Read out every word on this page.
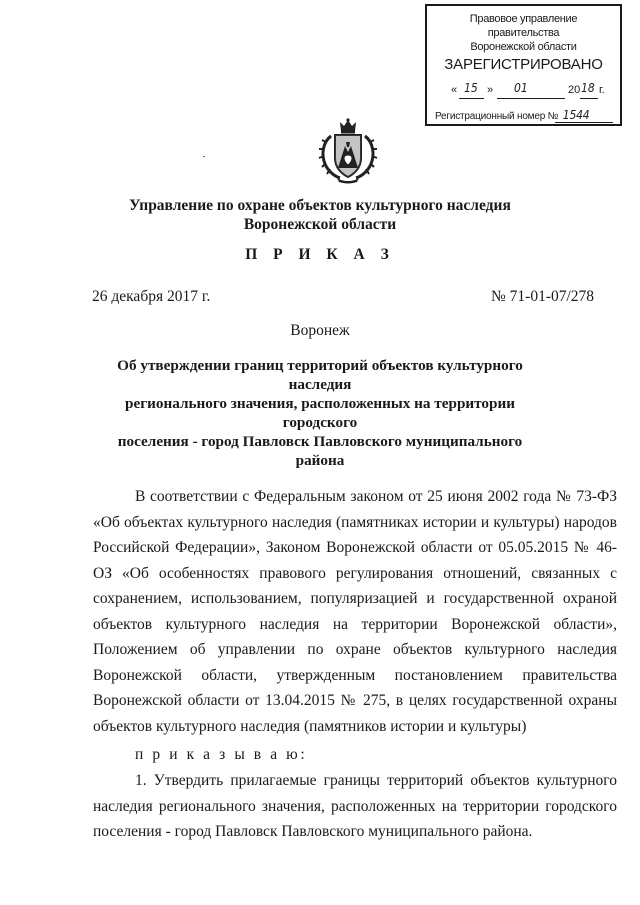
Правовое управление правительства
Воронежской области
ЗАРЕГИСТРИРОВАНО
« 15 » 01	20 18 г.
Регистрационный номер № 1544
Управление по охране объектов культурного наследия
Воронежской области
П Р И К А З
26 декабря 2017 г.	№ 71-01-07/278
Воронеж
Об утверждении границ территорий объектов культурного наследия
регионального значения, расположенных на территории городского
поселения - город Павловск Павловского муниципального района
В соответствии с Федеральным законом от 25 июня 2002 года № 73-ФЗ «Об объектах культурного наследия (памятниках истории и культуры) народов Российской Федерации», Законом Воронежской области от 05.05.2015 № 46-ОЗ «Об особенностях правового регулирования отношений, связанных с сохранением, использованием, популяризацией и государственной охраной объектов культурного наследия на территории Воронежской области», Положением об управлении по охране объектов культурного наследия Воронежской области, утвержденным постановлением правительства Воронежской области от 13.04.2015 № 275, в целях государственной охраны объектов культурного наследия (памятников истории и культуры)
п р и к а з ы в а ю:
1. Утвердить прилагаемые границы территорий объектов культурного наследия регионального значения, расположенных на территории городского поселения - город Павловск Павловского муниципального района.
